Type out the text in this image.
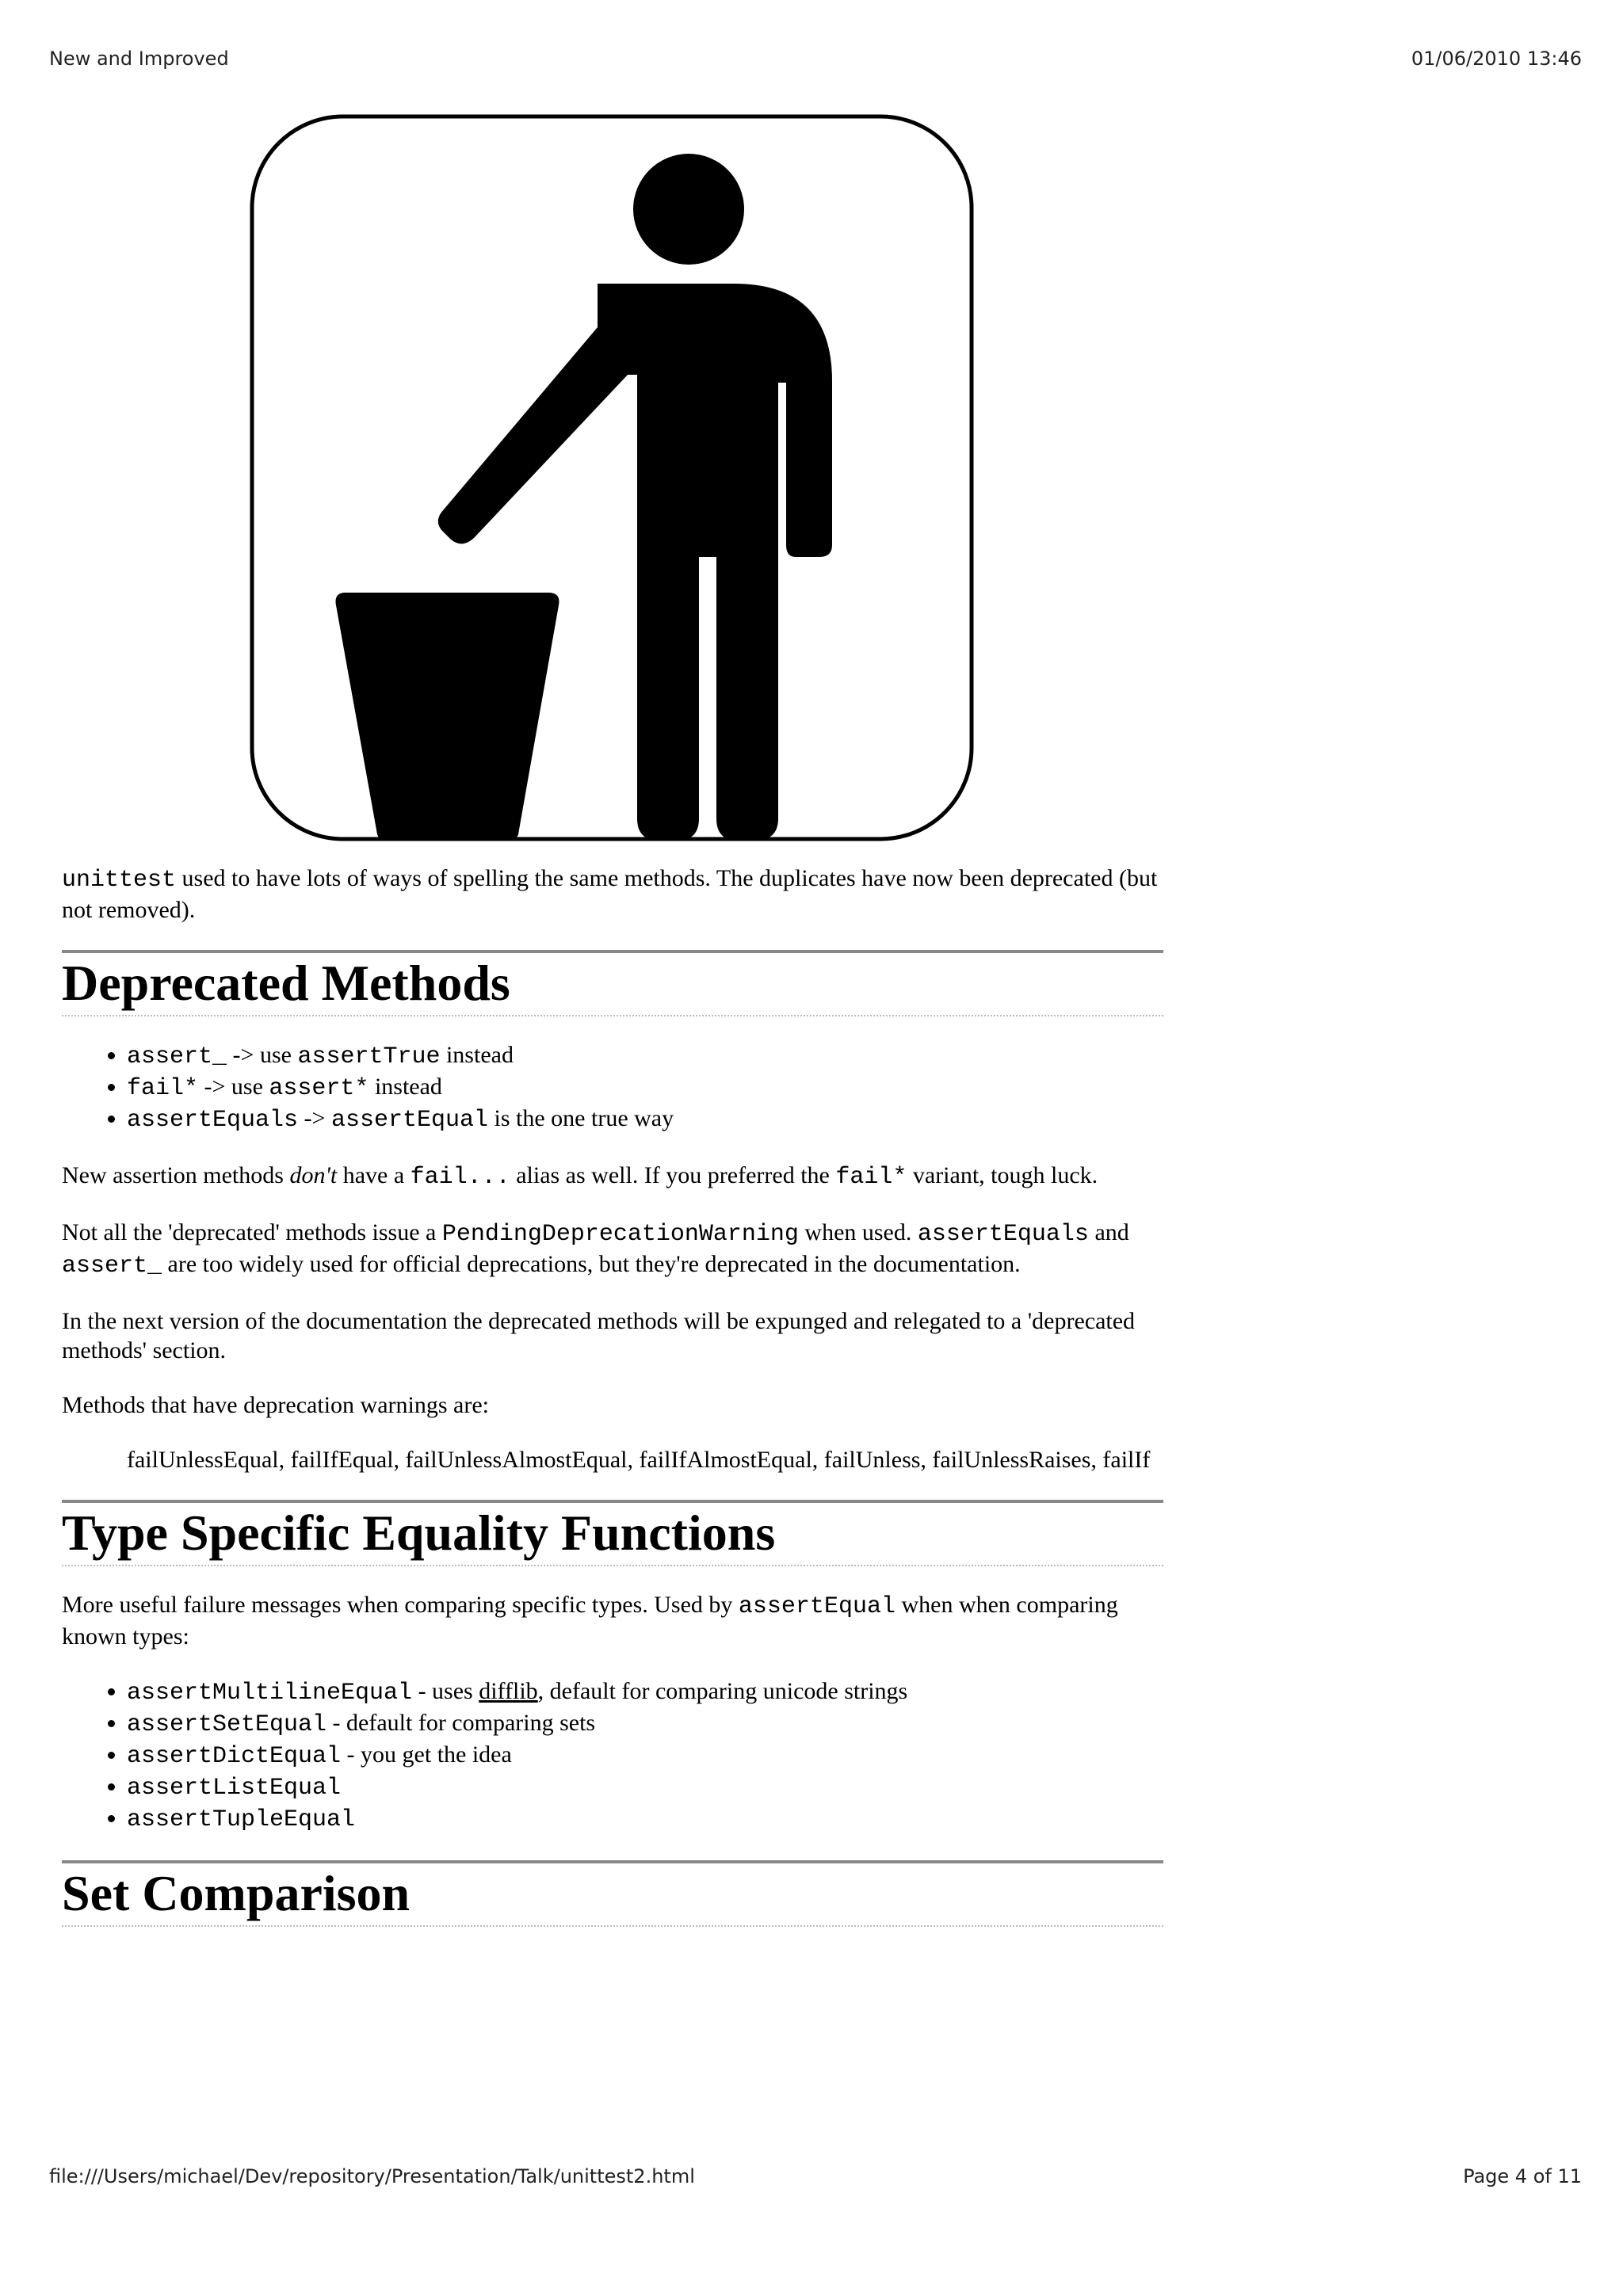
New and Improved	01/06/2010 13:46

unittest used to have lots of ways of spelling the same methods. The duplicates have now been deprecated (but not removed).

Deprecated Methods
• assert_ -> use assertTrue instead
• fail* -> use assert* instead
• assertEquals -> assertEqual is the one true way

New assertion methods don't have a fail... alias as well. If you preferred the fail* variant, tough luck.

Not all the 'deprecated' methods issue a PendingDeprecationWarning when used. assertEquals and assert_ are too widely used for official deprecations, but they're deprecated in the documentation.

In the next version of the documentation the deprecated methods will be expunged and relegated to a 'deprecated methods' section.

Methods that have deprecation warnings are:

failUnlessEqual, failIfEqual, failUnlessAlmostEqual, failIfAlmostEqual, failUnless, failUnlessRaises, failIf
Type Specific Equality Functions

More useful failure messages when comparing specific types. Used by assertEqual when when comparing known types:

• assertMultilineEqual - uses difflib, default for comparing unicode strings
• assertSetEqual - default for comparing sets
• assertDictEqual - you get the idea
• assertListEqual
• assertTupleEqual
Set Comparison
file:///Users/michael/Dev/repository/Presentation/Talk/unittest2.html	Page 4 of 11
